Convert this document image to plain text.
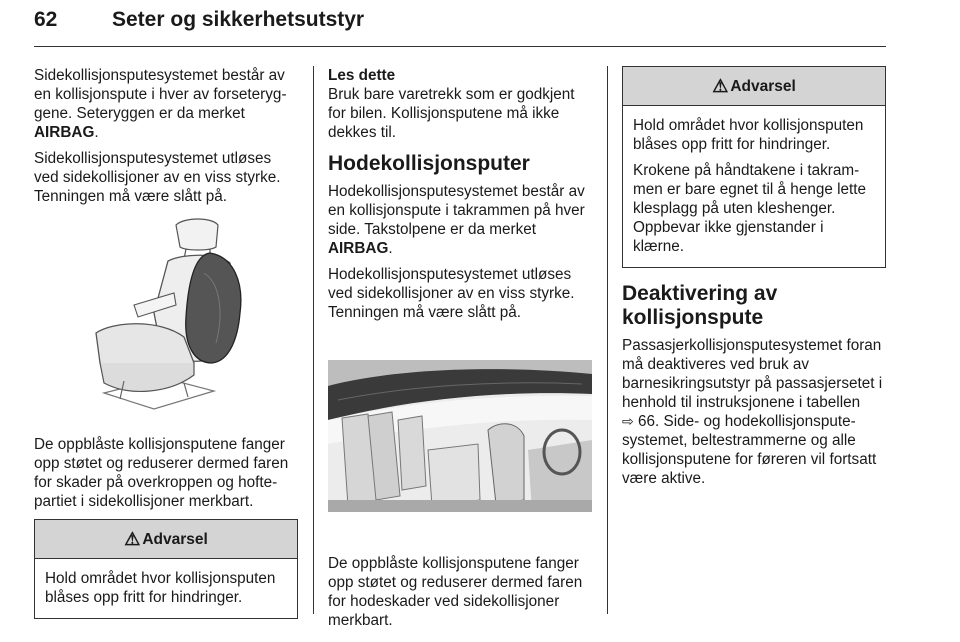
62	Seter og sikkerhetsutstyr

Sidekollisjonsputesystemet består av en kollisjonspute i hver av forseteryggene. Seteryggen er da merket
AIRBAG.

Sidekollisjonsputesystemet utløses ved sidekollisjoner av en viss styrke. Tenningen må være slått på.

De oppblåste kollisjonsputene fanger opp støtet og reduserer dermed faren for skader på overkroppen og hoftepartiet i sidekollisjoner merkbart.

⚠ Advarsel

Hold området hvor kollisjonsputen blåses opp fritt for hindringer.

Les dette
Bruk bare varetrekk som er godkjent for bilen. Kollisjonsputene må ikke dekkes til.

Hodekollisjonsputer

Hodekollisjonsputesystemet består av en kollisjonspute i takrammen på hver side. Takstolpene er da merket
AIRBAG.

Hodekollisjonsputesystemet utløses ved sidekollisjoner av en viss styrke. Tenningen må være slått på.

De oppblåste kollisjonsputene fanger opp støtet og reduserer dermed faren for hodeskader ved sidekollisjoner merkbart.

⚠ Advarsel

Hold området hvor kollisjonsputen blåses opp fritt for hindringer.

Krokene på håndtakene i takrammen er bare egnet til å henge lette klesplagg på uten kleshenger. Oppbevar ikke gjenstander i klærne.

Deaktivering av kollisjonspute

Passasjerkollisjonsputesystemet foran må deaktiveres ved bruk av barnesikringsutstyr på passasjersetet i henhold til instruksjonene i tabellen
⇨ 66. Side- og hodekollisjonsputesystemet, beltestrammerne og alle kollisjonsputene for føreren vil fortsatt være aktive.
